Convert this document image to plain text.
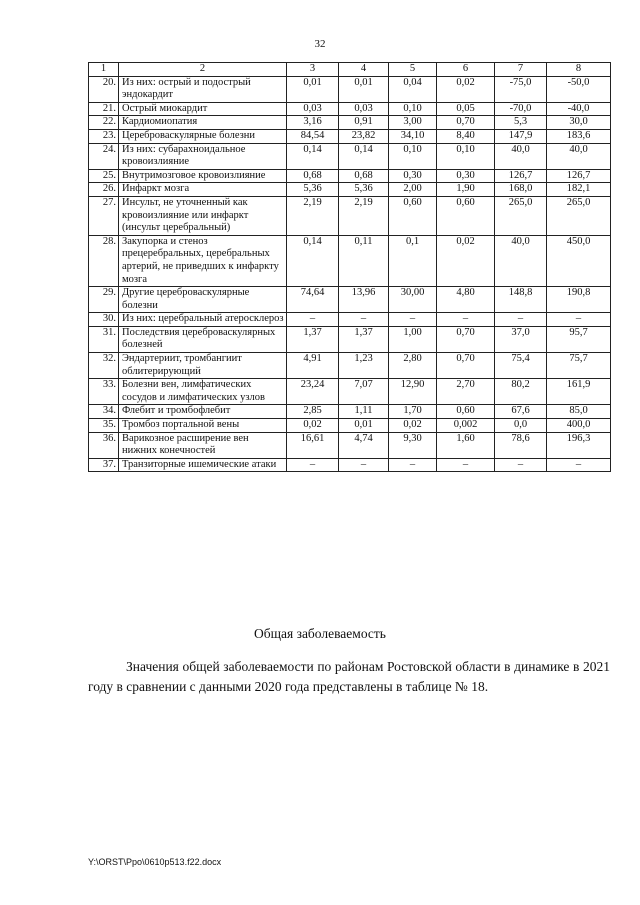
32
1	2	3	4	5	6	7	8
20.	Из них: острый и подострый эндокардит	0,01	0,01	0,04	0,02	-75,0	-50,0
21.	Острый миокардит	0,03	0,03	0,10	0,05	-70,0	-40,0
22.	Кардиомиопатия	3,16	0,91	3,00	0,70	5,3	30,0
23.	Цереброваскулярные болезни	84,54	23,82	34,10	8,40	147,9	183,6
24.	Из них: субарахноидальное кровоизлияние	0,14	0,14	0,10	0,10	40,0	40,0
25.	Внутримозговое кровоизлияние	0,68	0,68	0,30	0,30	126,7	126,7
26.	Инфаркт мозга	5,36	5,36	2,00	1,90	168,0	182,1
27.	Инсульт, не уточненный как кровоизлияние или инфаркт (инсульт церебральный)	2,19	2,19	0,60	0,60	265,0	265,0
28.	Закупорка и стеноз прецеребральных, церебральных артерий, не приведших к инфаркту мозга	0,14	0,11	0,1	0,02	40,0	450,0
29.	Другие цереброваскулярные болезни	74,64	13,96	30,00	4,80	148,8	190,8
30.	Из них: церебральный атеросклероз	–	–	–	–	–	–
31.	Последствия цереброваскулярных болезней	1,37	1,37	1,00	0,70	37,0	95,7
32.	Эндартериит, тромбангиит облитерирующий	4,91	1,23	2,80	0,70	75,4	75,7
33.	Болезни вен, лимфатических сосудов и лимфатических узлов	23,24	7,07	12,90	2,70	80,2	161,9
34.	Флебит и тромбофлебит	2,85	1,11	1,70	0,60	67,6	85,0
35.	Тромбоз портальной вены	0,02	0,01	0,02	0,002	0,0	400,0
36.	Варикозное расширение вен нижних конечностей	16,61	4,74	9,30	1,60	78,6	196,3
37.	Транзиторные ишемические атаки	–	–	–	–	–	–
Общая заболеваемость
Значения общей заболеваемости по районам Ростовской области в динамике в 2021 году в сравнении с данными 2020 года представлены в таблице № 18.
Y:\ORST\Ppo\0610p513.f22.docx
